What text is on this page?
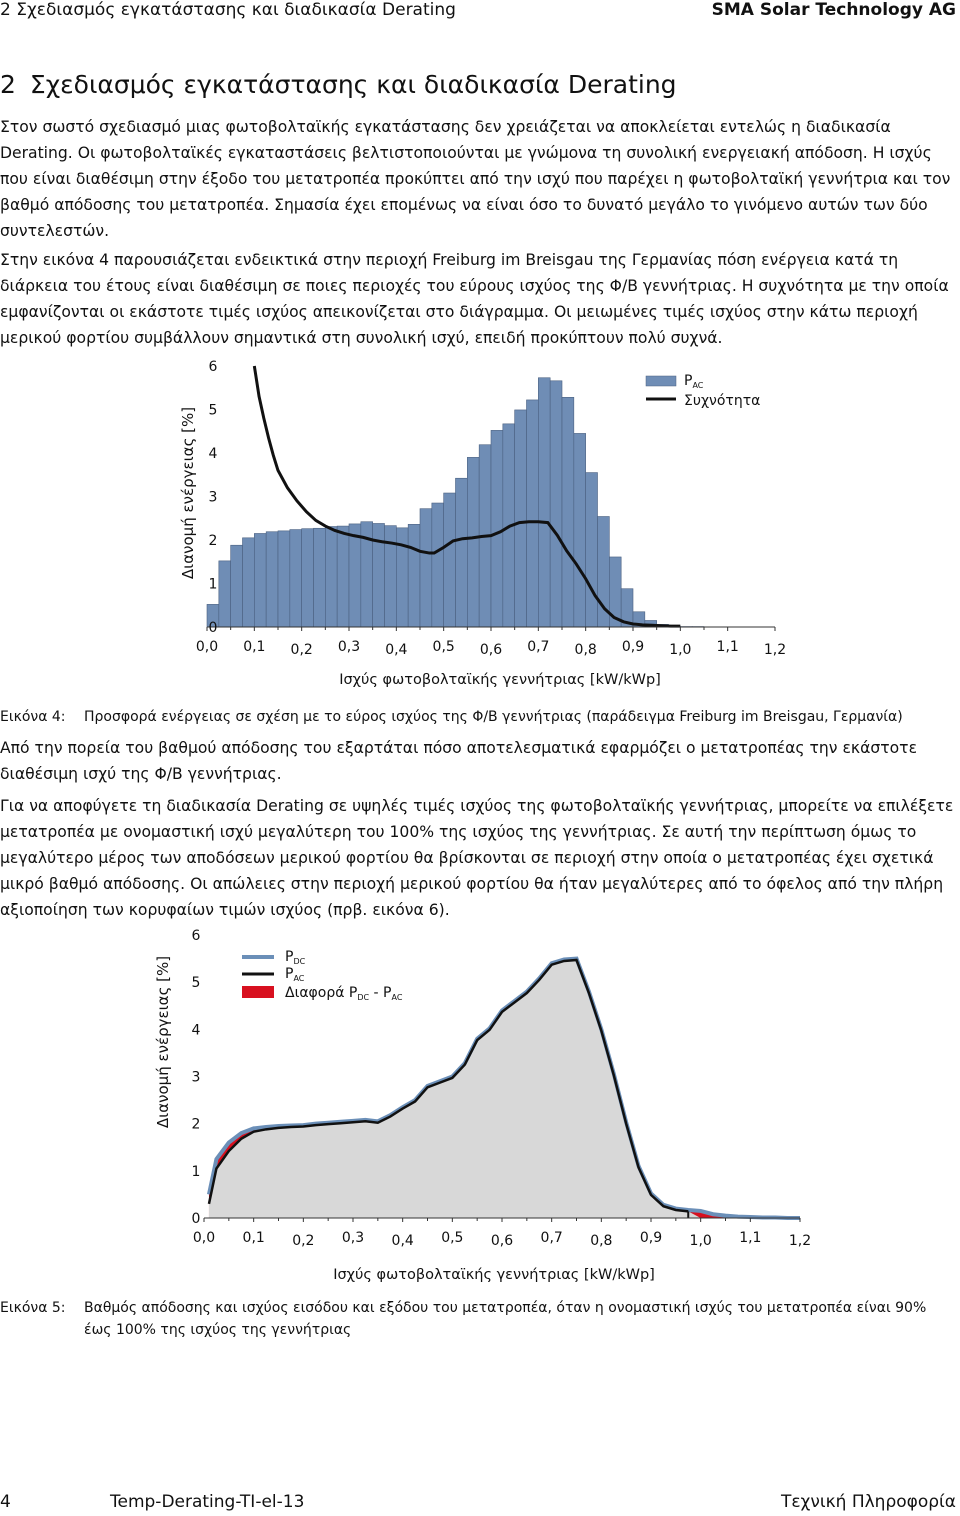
2 Σχεδιασμός εγκατάστασης και διαδικασία Derating	SMA Solar Technology AG
2 Σχεδιασμός εγκατάστασης και διαδικασία Derating
Στον σωστό σχεδιασμό μιας φωτοβολταϊκής εγκατάστασης δεν χρειάζεται να αποκλείεται εντελώς η διαδικασία Derating. Οι φωτοβολταϊκές εγκαταστάσεις βελτιστοποιούνται με γνώμονα τη συνολική ενεργειακή απόδοση. Η ισχύς που είναι διαθέσιμη στην έξοδο του μετατροπέα προκύπτει από την ισχύ που παρέχει η φωτοβολταϊκή γεννήτρια και τον βαθμό απόδοσης του μετατροπέα. Σημασία έχει επομένως να είναι όσο το δυνατό μεγάλο το γινόμενο αυτών των δύο συντελεστών.
Στην εικόνα 4 παρουσιάζεται ενδεικτικά στην περιοχή Freiburg im Breisgau της Γερμανίας πόση ενέργεια κατά τη διάρκεια του έτους είναι διαθέσιμη σε ποιες περιοχές του εύρους ισχύος της Φ/Β γεννήτριας. Η συχνότητα με την οποία εμφανίζονται οι εκάστοτε τιμές ισχύος απεικονίζεται στο διάγραμμα. Οι μειωμένες τιμές ισχύος στην κάτω περιοχή μερικού φορτίου συμβάλλουν σημαντικά στη συνολική ισχύ, επειδή προκύπτουν πολύ συχνά.
0,0 0,1 0,2 0,3 0,4 0,5 0,6 0,7 0,8 0,9 1,0 1,1 1,2
0
1
2
3
4
5
6
Διανομή ενέργειας [%]
Ισχύς φωτοβολταϊκής γεννήτριας [kW/kWp]
$P_{AC}$
Συχνότητα
Εικόνα 4: Προσφορά ενέργειας σε σχέση με το εύρος ισχύος της Φ/Β γεννήτριας (παράδειγμα Freiburg im Breisgau, Γερμανία)
Από την πορεία του βαθμού απόδοσης του εξαρτάται πόσο αποτελεσματικά εφαρμόζει ο μετατροπέας την εκάστοτε διαθέσιμη ισχύ της Φ/Β γεννήτριας.
Για να αποφύγετε τη διαδικασία Derating σε υψηλές τιμές ισχύος της φωτοβολταϊκής γεννήτριας, μπορείτε να επιλέξετε μετατροπέα με ονομαστική ισχύ μεγαλύτερη του 100% της ισχύος της γεννήτριας. Σε αυτή την περίπτωση όμως το μεγαλύτερο μέρος των αποδόσεων μερικού φορτίου θα βρίσκονται σε περιοχή στην οποία ο μετατροπέας έχει σχετικά μικρό βαθμό απόδοσης. Οι απώλειες στην περιοχή μερικού φορτίου θα ήταν μεγαλύτερες από το όφελος από την πλήρη αξιοποίηση των κορυφαίων τιμών ισχύος (πρβ. εικόνα 6).
0,0 0,1 0,2 0,3 0,4 0,5 0,6 0,7 0,8 0,9 1,0 1,1 1,2
0
1
2
3
4
5
6
Διανομή ενέργειας [%]
Ισχύς φωτοβολταϊκής γεννήτριας [kW/kWp]
$P_{DC}$
$P_{AC}$
Διαφορά $P_{DC} - P_{AC}$
Εικόνα 5: Βαθμός απόδοσης και ισχύος εισόδου και εξόδου του μετατροπέα, όταν η ονομαστική ισχύς του μετατροπέα είναι 90% έως 100% της ισχύος της γεννήτριας
4	Temp-Derating-TI-el-13	Τεχνική Πληροφορία
